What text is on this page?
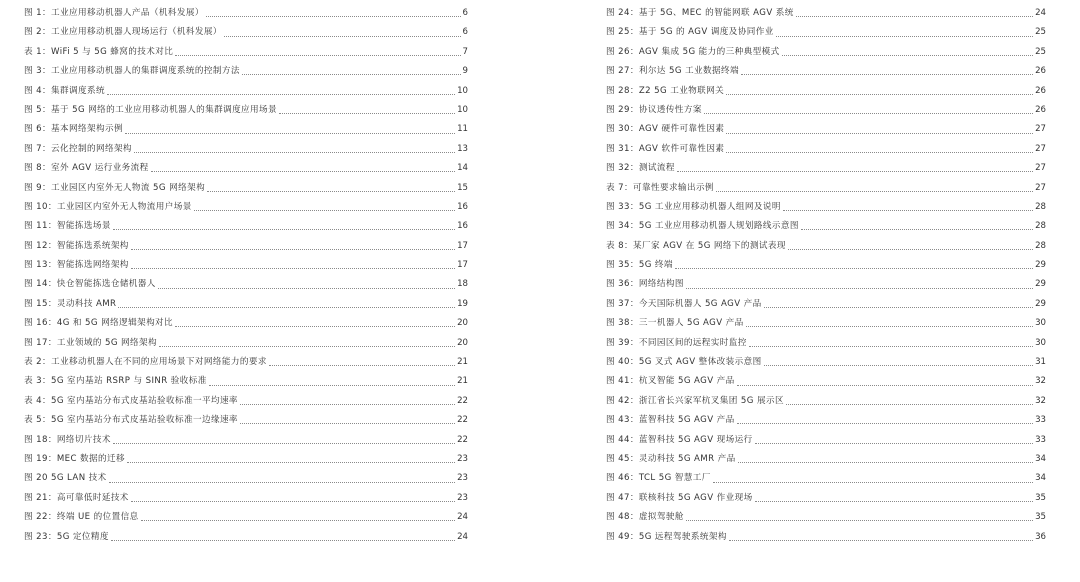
图 1：工业应用移动机器人产品（机科发展）	6
图 2：工业应用移动机器人现场运行（机科发展）	6
表 1：WiFi 5 与 5G 蜂窝的技术对比	7
图 3：工业应用移动机器人的集群调度系统的控制方法	9
图 4：集群调度系统	10
图 5：基于 5G 网络的工业应用移动机器人的集群调度应用场景	10
图 6：基本网络架构示例	11
图 7：云化控制的网络架构	13
图 8：室外 AGV 运行业务流程	14
图 9：工业园区内室外无人物流 5G 网络架构	15
图 10：工业园区内室外无人物流用户场景	16
图 11：智能拣选场景	16
图 12：智能拣选系统架构	17
图 13：智能拣选网络架构	17
图 14：快仓智能拣选仓储机器人	18
图 15：灵动科技 AMR	19
图 16：4G 和 5G 网络逻辑架构对比	20
图 17：工业领域的 5G 网络架构	20
表 2：工业移动机器人在不同的应用场景下对网络能力的要求	21
表 3：5G 室内基站 RSRP 与 SINR 验收标准	21
表 4：5G 室内基站分布式皮基站验收标准一平均速率	22
表 5：5G 室内基站分布式皮基站验收标准一边缘速率	22
图 18：网络切片技术	22
图 19：MEC 数据的迁移	23
图 20 5G LAN 技术	23
图 21：高可靠低时延技术	23
图 22：终端 UE 的位置信息	24
图 23：5G 定位精度	24
图 24：基于 5G、MEC 的智能网联 AGV 系统	24
图 25：基于 5G 的 AGV 调度及协同作业	25
图 26：AGV 集成 5G 能力的三种典型模式	25
图 27：利尔达 5G 工业数据终端	26
图 28：Z2 5G 工业物联网关	26
图 29：协议透传性方案	26
图 30：AGV 硬件可靠性因素	27
图 31：AGV 软件可靠性因素	27
图 32：测试流程	27
表 7：可靠性要求输出示例	27
图 33：5G 工业应用移动机器人组网及说明	28
图 34：5G 工业应用移动机器人规划路线示意图	28
表 8：某厂家 AGV 在 5G 网络下的测试表现	28
图 35：5G 终端	29
图 36：网络结构图	29
图 37：今天国际机器人 5G AGV 产品	29
图 38：三一机器人 5G AGV 产品	30
图 39：不同园区间的远程实时监控	30
图 40：5G 叉式 AGV 整体改装示意图	31
图 41：杭叉智能 5G AGV 产品	32
图 42：浙江省长兴家军杭叉集团 5G 展示区	32
图 43：蓝智科技 5G AGV 产品	33
图 44：蓝智科技 5G AGV 现场运行	33
图 45：灵动科技 5G AMR 产品	34
图 46：TCL 5G 智慧工厂	34
图 47：联核科技 5G AGV 作业现场	35
图 48：虚拟驾驶舱	35
图 49：5G 远程驾驶系统架构	36
